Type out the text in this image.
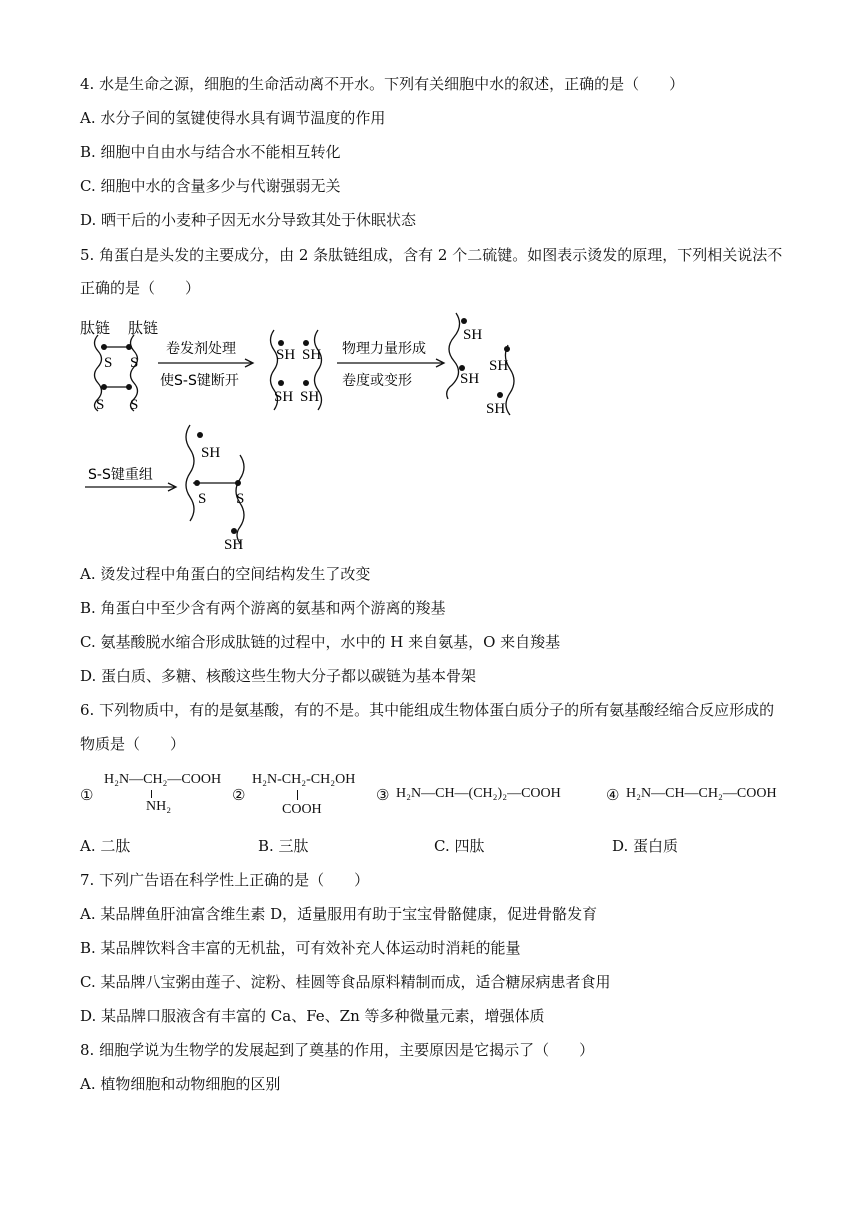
4. 水是生命之源，细胞的生命活动离不开水。下列有关细胞中水的叙述，正确的是（　　）
A. 水分子间的氢键使得水具有调节温度的作用
B. 细胞中自由水与结合水不能相互转化
C. 细胞中水的含量多少与代谢强弱无关
D. 晒干后的小麦种子因无水分导致其处于休眠状态
5. 角蛋白是头发的主要成分，由 2 条肽链组成，含有 2 个二硫键。如图表示烫发的原理，下列相关说法不
正确的是（　　）
肽链 肽链
S S
S S
卷发剂处理
使S-S键断开
SH SH
SH SH
物理力量形成
卷度或变形
SH
SH
SH
SH
S-S键重组
SH
S S
SH
A. 烫发过程中角蛋白的空间结构发生了改变
B. 角蛋白中至少含有两个游离的氨基和两个游离的羧基
C. 氨基酸脱水缩合形成肽链的过程中，水中的 H 来自氨基，O 来自羧基
D. 蛋白质、多糖、核酸这些生物大分子都以碳链为基本骨架
6. 下列物质中，有的是氨基酸，有的不是。其中能组成生物体蛋白质分子的所有氨基酸经缩合反应形成的
物质是（　　）
①
H₂N—CH₂—COOH
NH₂
②
H₂N-CH₂-CH₂OH
COOH
③ H₂N—CH—(CH₂)₂—COOH	④ H₂N—CH—CH₂—COOH
A. 二肽	B. 三肽	C. 四肽	D. 蛋白质
7. 下列广告语在科学性上正确的是（　　）
A. 某品牌鱼肝油富含维生素 D，适量服用有助于宝宝骨骼健康，促进骨骼发育
B. 某品牌饮料含丰富的无机盐，可有效补充人体运动时消耗的能量
C. 某品牌八宝粥由莲子、淀粉、桂圆等食品原料精制而成，适合糖尿病患者食用
D. 某品牌口服液含有丰富的 Ca、Fe、Zn 等多种微量元素，增强体质
8. 细胞学说为生物学的发展起到了奠基的作用，主要原因是它揭示了（　　）
A. 植物细胞和动物细胞的区别
